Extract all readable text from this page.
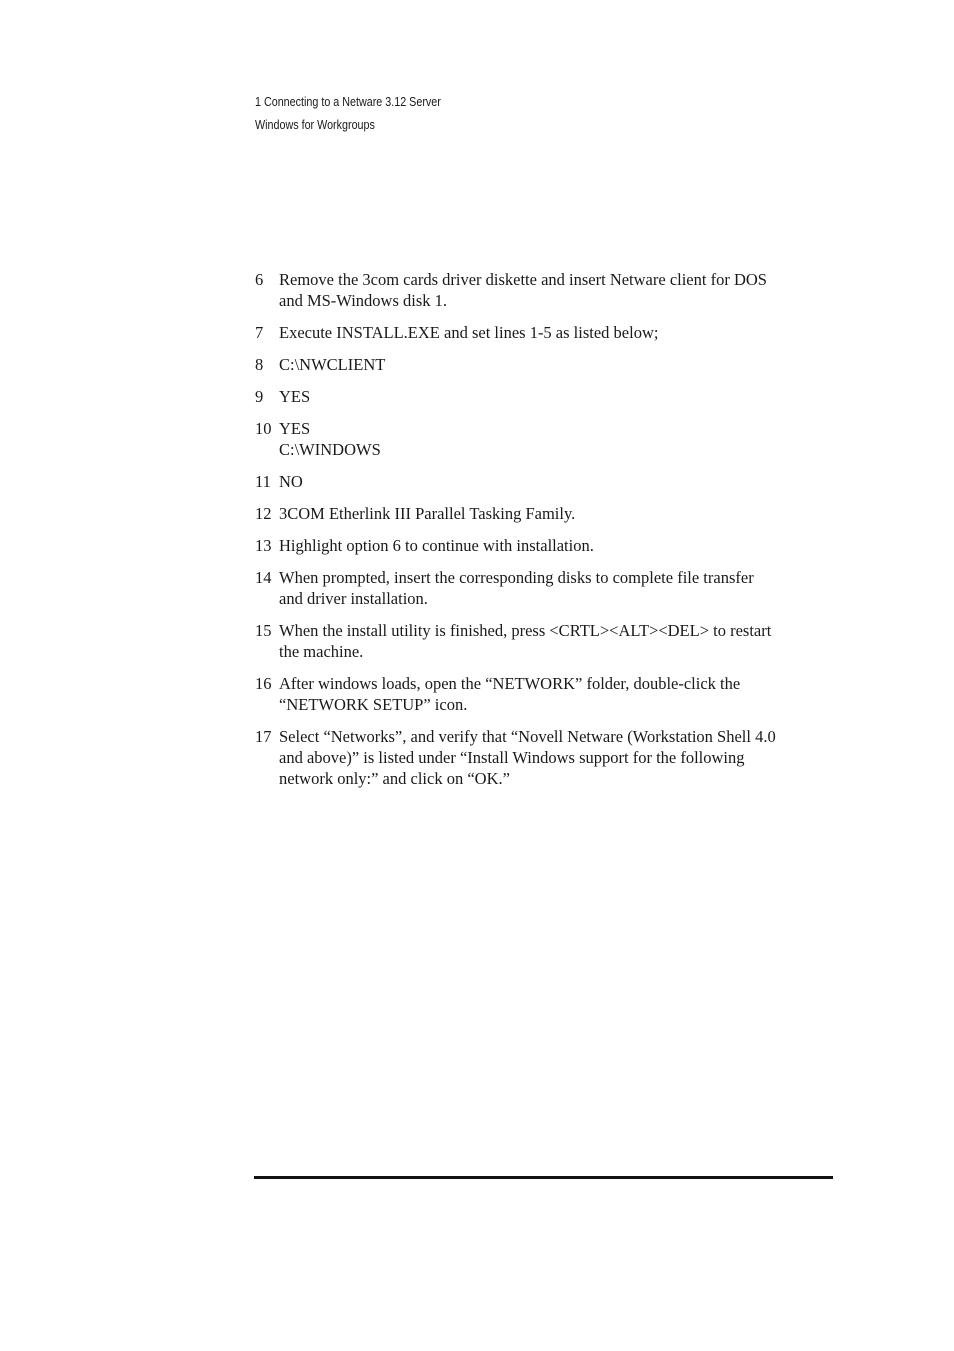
1 Connecting to a Netware 3.12 Server
Windows for Workgroups
6 Remove the 3com cards driver diskette and insert Netware client for DOS
and MS-Windows disk 1.
7 Execute INSTALL.EXE and set lines 1-5 as listed below;
8 C:\NWCLIENT
9 YES
10 YES
C:\WINDOWS
11 NO
12 3COM Etherlink III Parallel Tasking Family.
13 Highlight option 6 to continue with installation.
14 When prompted, insert the corresponding disks to complete file transfer
and driver installation.
15 When the install utility is finished, press <CRTL><ALT><DEL> to restart
the machine.
16 After windows loads, open the “NETWORK” folder, double-click the
“NETWORK SETUP” icon.
17 Select “Networks”, and verify that “Novell Netware (Workstation Shell 4.0
and above)” is listed under “Install Windows support for the following
network only:” and click on “OK.”
